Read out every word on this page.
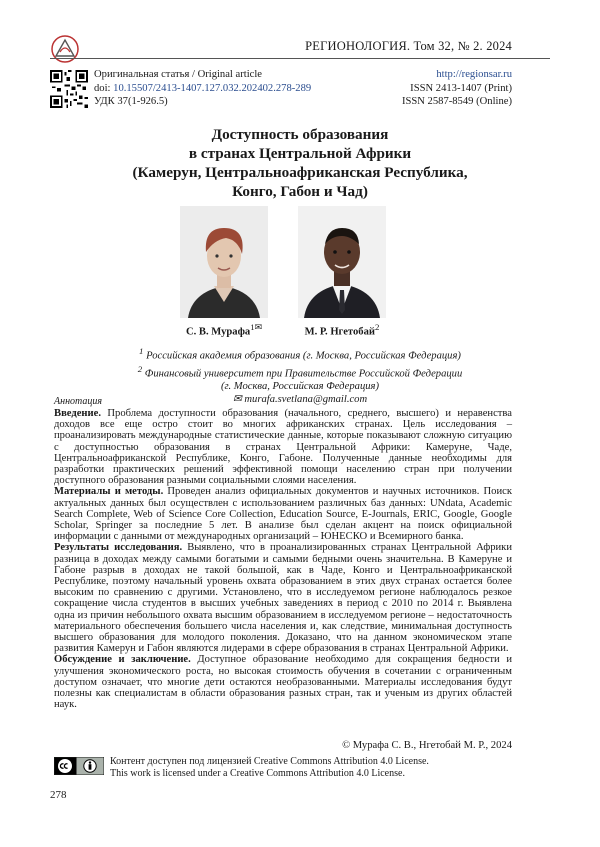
РЕГИОНОЛОГИЯ. Том 32, № 2. 2024
Оригинальная статья / Original article
doi: 10.15507/2413-1407.127.032.202402.278-289
УДК 37(1-926.5)
http://regionsar.ru
ISSN 2413-1407 (Print)
ISSN 2587-8549 (Online)
Доступность образования
в странах Центральной Африки
(Камерун, Центральноафриканская Республика,
Конго, Габон и Чад)
С. В. Мурафа$^{1✉}$	М. Р. Нгетобай$^2$
$^1$ Российская академия образования (г. Москва, Российская Федерация)
$^2$ Финансовый университет при Правительстве Российской Федерации
(г. Москва, Российская Федерация)
✉ murafa.svetlana@gmail.com
Аннотация

Введение. Проблема доступности образования (начального, среднего, высшего) и неравенства доходов все еще остро стоит во многих африканских странах. Цель исследования – проанализировать международные статистические данные, которые показывают сложную ситуацию с доступностью образования в странах Центральной Африки: Камеруне, Чаде, Центральноафриканской Республике, Конго, Габоне. Полученные данные необходимы для разработки практических решений эффективной помощи населению стран при получении доступного образования разными социальными слоями населения.

Материалы и методы. Проведен анализ официальных документов и научных источников. Поиск актуальных данных был осуществлен с использованием различных баз данных: UNdata, Academic Search Complete, Web of Science Core Collection, Education Source, E-Journals, ERIC, Google, Google Scholar, Springer за последние 5 лет. В анализе был сделан акцент на поиск официальной информации с данными от международных организаций – ЮНЕСКО и Всемирного банка.

Результаты исследования. Выявлено, что в проанализированных странах Центральной Африки разница в доходах между самыми богатыми и самыми бедными очень значительна. В Камеруне и Габоне разрыв в доходах не такой большой, как в Чаде, Конго и Центральноафриканской Республике, поэтому начальный уровень охвата образованием в этих двух странах остается более высоким по сравнению с другими. Установлено, что в исследуемом регионе наблюдалось резкое сокращение числа студентов в высших учебных заведениях в период с 2010 по 2014 г. Выявлена одна из причин небольшого охвата высшим образованием в исследуемом регионе – недостаточность материального обеспечения большего числа населения и, как следствие, минимальная доступность высшего образования для молодого поколения. Доказано, что на данном экономическом этапе развития Камерун и Габон являются лидерами в сфере образования в странах Центральной Африки.

Обсуждение и заключение. Доступное образование необходимо для сокращения бедности и улучшения экономического роста, но высокая стоимость обучения в сочетании с ограниченным доступом означает, что многие дети остаются необразованными. Материалы исследования будут полезны как специалистам в области образования разных стран, так и ученым из других областей наук.

© Мурафа С. В., Нгетобай М. Р., 2024
Контент доступен под лицензией Creative Commons Attribution 4.0 License.
This work is licensed under a Creative Commons Attribution 4.0 License.
278
